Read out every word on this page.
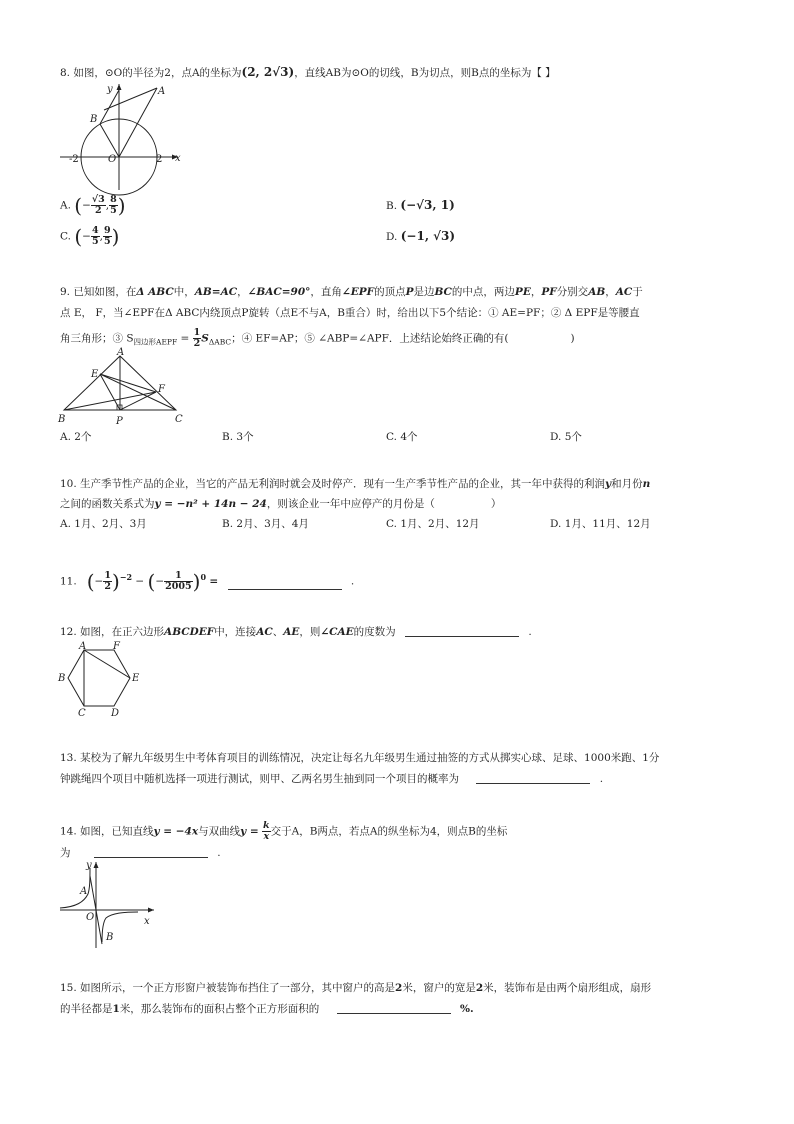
8. 如图，⊙O的半径为2，点A的坐标为(2, 2√3)，直线AB为⊙O的切线，B为切点，则B点的坐标为【 】
y	A
B
O
-2	2 x
A. (− $\frac{√3}{2}$ , $\frac{8}{5}$ )	B. (−√3, 1)
C. (− $\frac{4}{5}$ , $\frac{9}{5}$ )	D. (−1, √3)
9. 已知如图，在Δ ABC中，AB=AC，∠BAC=90°，直角∠EPF的顶点P是边BC的中点，两边PE，PF分别交AB，AC于
点 E， F，当∠EPF在Δ ABC内绕顶点P旋转（点E不与A，B重合）时，给出以下5个结论：① AE=PF；② Δ EPF是等腰直
角三角形；③ $S_{四边形AEPF} = \frac{1}{2} S_{\Delta ABC}$；④ EF=AP；⑤ ∠ABP=∠APF．上述结论始终正确的有(	)
A
E
F
B	P	C
A. 2个	B. 3个	C. 4个	D. 5个
10. 生产季节性产品的企业，当它的产品无利润时就会及时停产．现有一生产季节性产品的企业，其一年中获得的利润y和月份n
之间的函数关系式为y = −n² + 14n − 24，则该企业一年中应停产的月份是（	）
A. 1月、2月、3月	B. 2月、3月、4月	C. 1月、2月、12月	D. 1月、11月、12月
11. (− $\frac{1}{2} )^{-2}$ − (− $\frac{1}{2005} )^0$ =	.
12. 如图，在正六边形ABCDEF中，连接AC、AE，则∠CAE的度数为	.
A	F
B	E
C	D
13. 某校为了解九年级男生中考体育项目的训练情况，决定让每名九年级男生通过抽签的方式从掷实心球、足球、1000米跑、1分
钟跳绳四个项目中随机选择一项进行测试，则甲、乙两名男生抽到同一个项目的概率为	.
14. 如图，已知直线y = −4x与双曲线$y = \frac{k}{x}$ 交于A，B两点，若点A的纵坐标为4，则点B的坐标
为	.
y
A
O	x
B
15. 如图所示，一个正方形窗户被装饰布挡住了一部分，其中窗户的高是2米，窗户的宽是2米，装饰布是由两个扇形组成，扇形
的半径都是1米，那么装饰布的面积占整个正方形面积的	%.
